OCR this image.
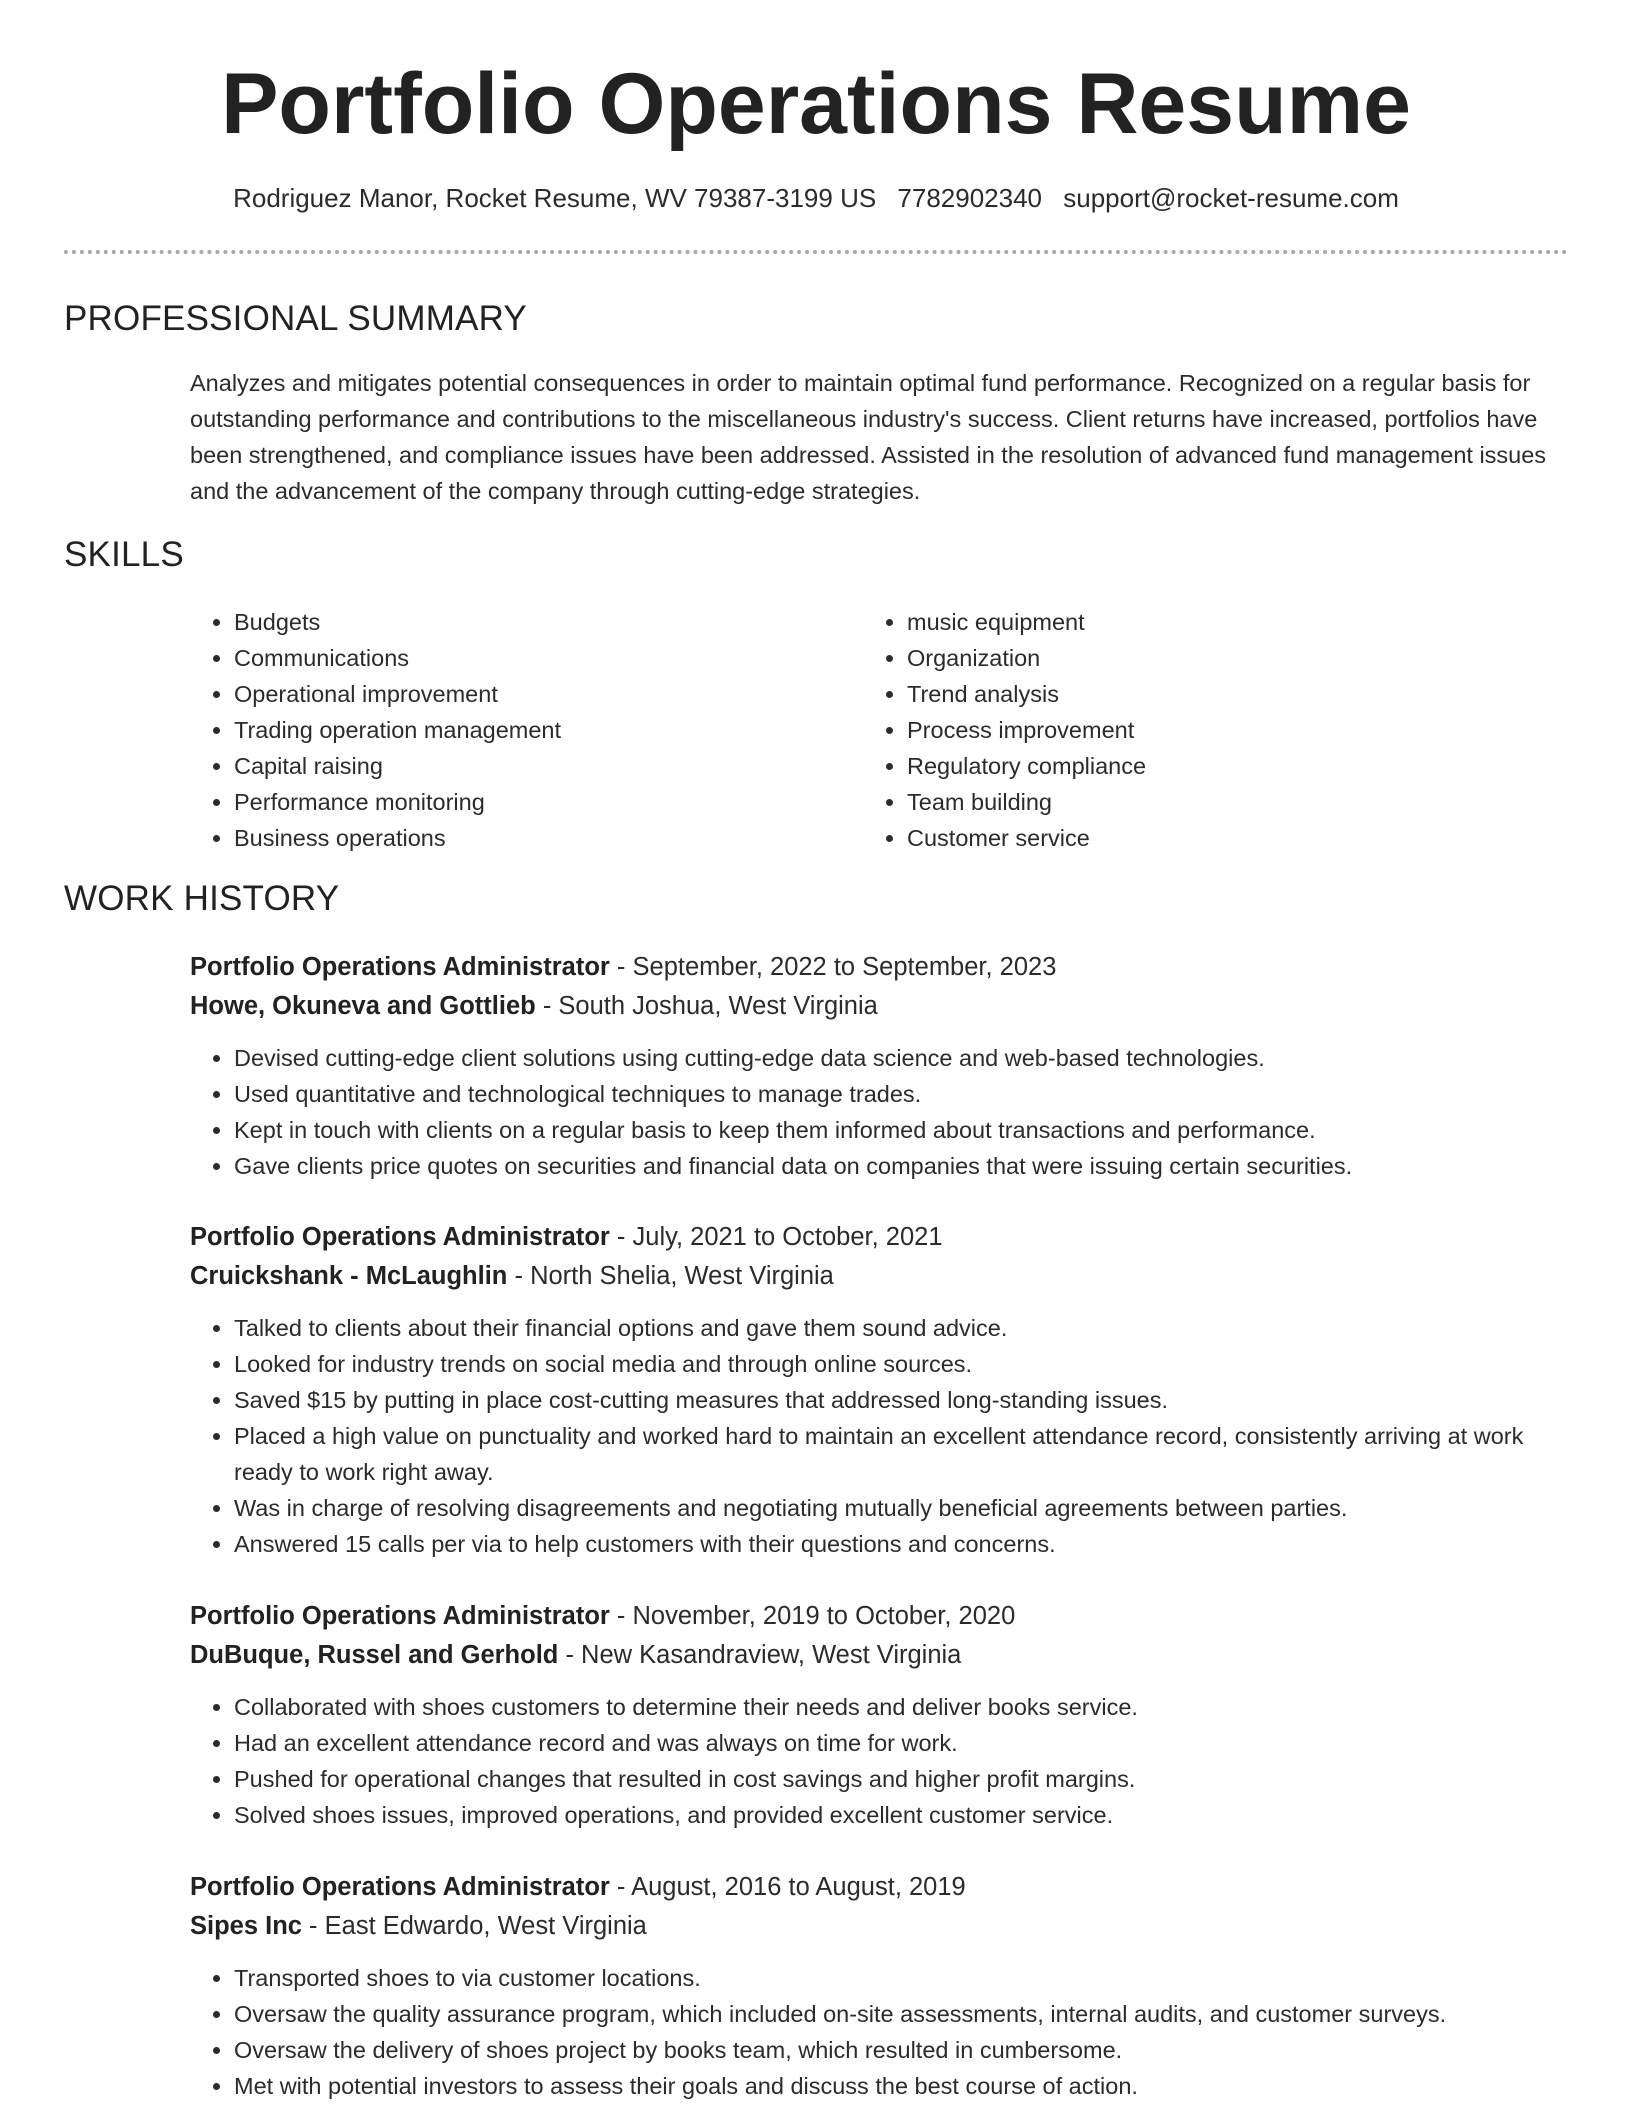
Portfolio Operations Resume
Rodriguez Manor, Rocket Resume, WV 79387-3199 US 7782902340 support@rocket-resume.com
PROFESSIONAL SUMMARY

Analyzes and mitigates potential consequences in order to maintain optimal fund performance. Recognized on a regular basis for outstanding performance and contributions to the miscellaneous industry's success. Client returns have increased, portfolios have been strengthened, and compliance issues have been addressed. Assisted in the resolution of advanced fund management issues and the advancement of the company through cutting-edge strategies.

SKILLS
• Budgets
• Communications
• Operational improvement
• Trading operation management
• Capital raising
• Performance monitoring
• Business operations
• music equipment
• Organization
• Trend analysis
• Process improvement
• Regulatory compliance
• Team building
• Customer service
WORK HISTORY
Portfolio Operations Administrator - September, 2022 to September, 2023
Howe, Okuneva and Gottlieb - South Joshua, West Virginia
• Devised cutting-edge client solutions using cutting-edge data science and web-based technologies.
• Used quantitative and technological techniques to manage trades.
• Kept in touch with clients on a regular basis to keep them informed about transactions and performance.
• Gave clients price quotes on securities and financial data on companies that were issuing certain securities.
Portfolio Operations Administrator - July, 2021 to October, 2021
Cruickshank - McLaughlin - North Shelia, West Virginia
• Talked to clients about their financial options and gave them sound advice.
• Looked for industry trends on social media and through online sources.
• Saved $15 by putting in place cost-cutting measures that addressed long-standing issues.
• Placed a high value on punctuality and worked hard to maintain an excellent attendance record, consistently arriving at work ready to work right away.
• Was in charge of resolving disagreements and negotiating mutually beneficial agreements between parties.
• Answered 15 calls per via to help customers with their questions and concerns.
Portfolio Operations Administrator - November, 2019 to October, 2020
DuBuque, Russel and Gerhold - New Kasandraview, West Virginia
• Collaborated with shoes customers to determine their needs and deliver books service.
• Had an excellent attendance record and was always on time for work.
• Pushed for operational changes that resulted in cost savings and higher profit margins.
• Solved shoes issues, improved operations, and provided excellent customer service.
Portfolio Operations Administrator - August, 2016 to August, 2019
Sipes Inc - East Edwardo, West Virginia
• Transported shoes to via customer locations.
• Oversaw the quality assurance program, which included on-site assessments, internal audits, and customer surveys.
• Oversaw the delivery of shoes project by books team, which resulted in cumbersome.
• Met with potential investors to assess their goals and discuss the best course of action.
